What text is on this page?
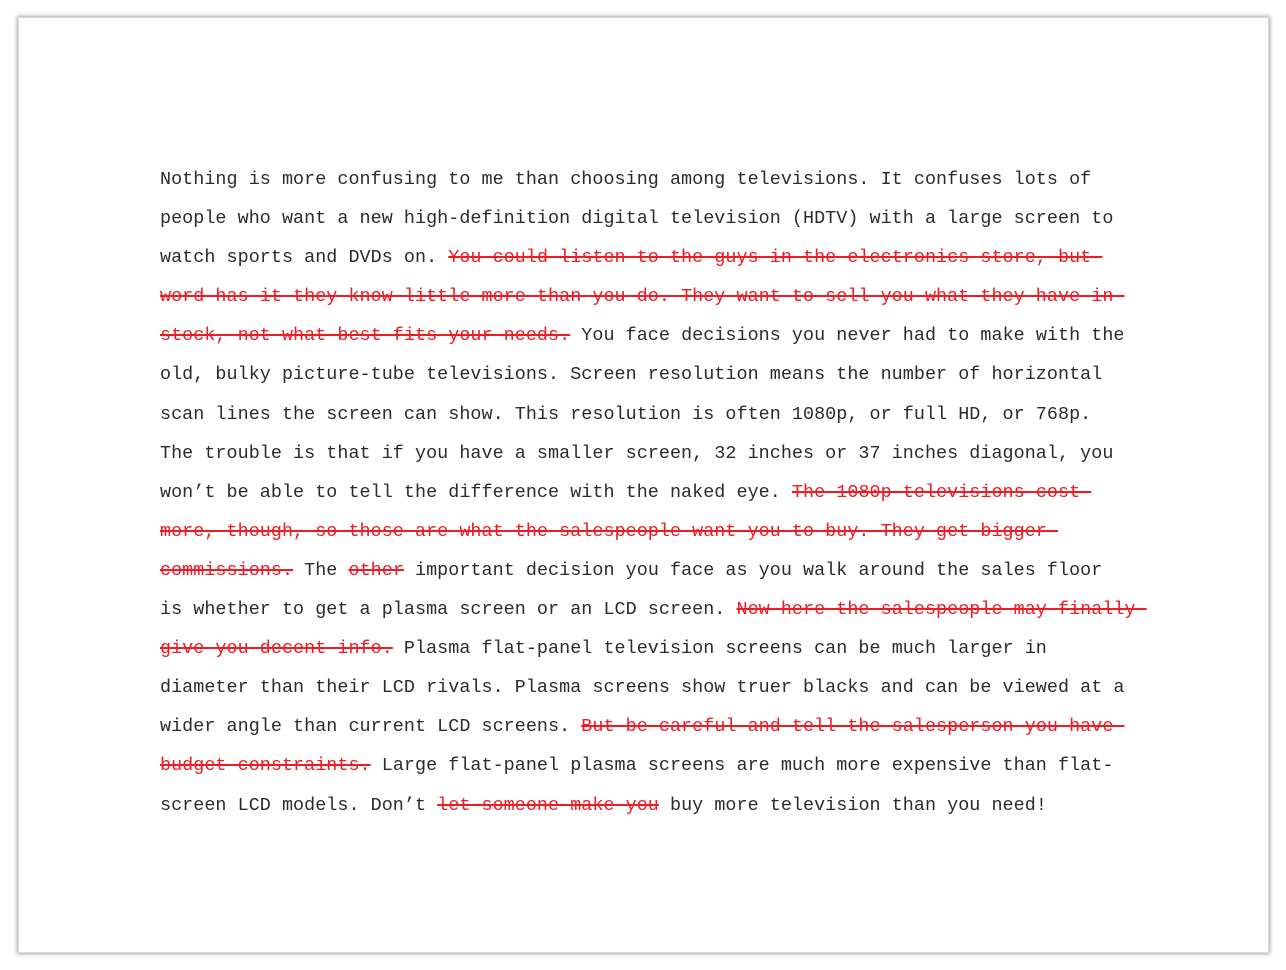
Nothing is more confusing to me than choosing among televisions. It confuses lots of
people who want a new high-definition digital television (HDTV) with a large screen to
watch sports and DVDs on. You could listen to the guys in the electronics store, but
word has it they know little more than you do. They want to sell you what they have in
stock, not what best fits your needs. You face decisions you never had to make with the
old, bulky picture-tube televisions. Screen resolution means the number of horizontal
scan lines the screen can show. This resolution is often 1080p, or full HD, or 768p.
The trouble is that if you have a smaller screen, 32 inches or 37 inches diagonal, you
won’t be able to tell the difference with the naked eye. The 1080p televisions cost
more, though, so those are what the salespeople want you to buy. They get bigger
commissions. The other important decision you face as you walk around the sales floor
is whether to get a plasma screen or an LCD screen. Now here the salespeople may finally
give you decent info. Plasma flat-panel television screens can be much larger in
diameter than their LCD rivals. Plasma screens show truer blacks and can be viewed at a
wider angle than current LCD screens. But be careful and tell the salesperson you have
budget constraints. Large flat-panel plasma screens are much more expensive than flat-
screen LCD models. Don’t let someone make you buy more television than you need!
